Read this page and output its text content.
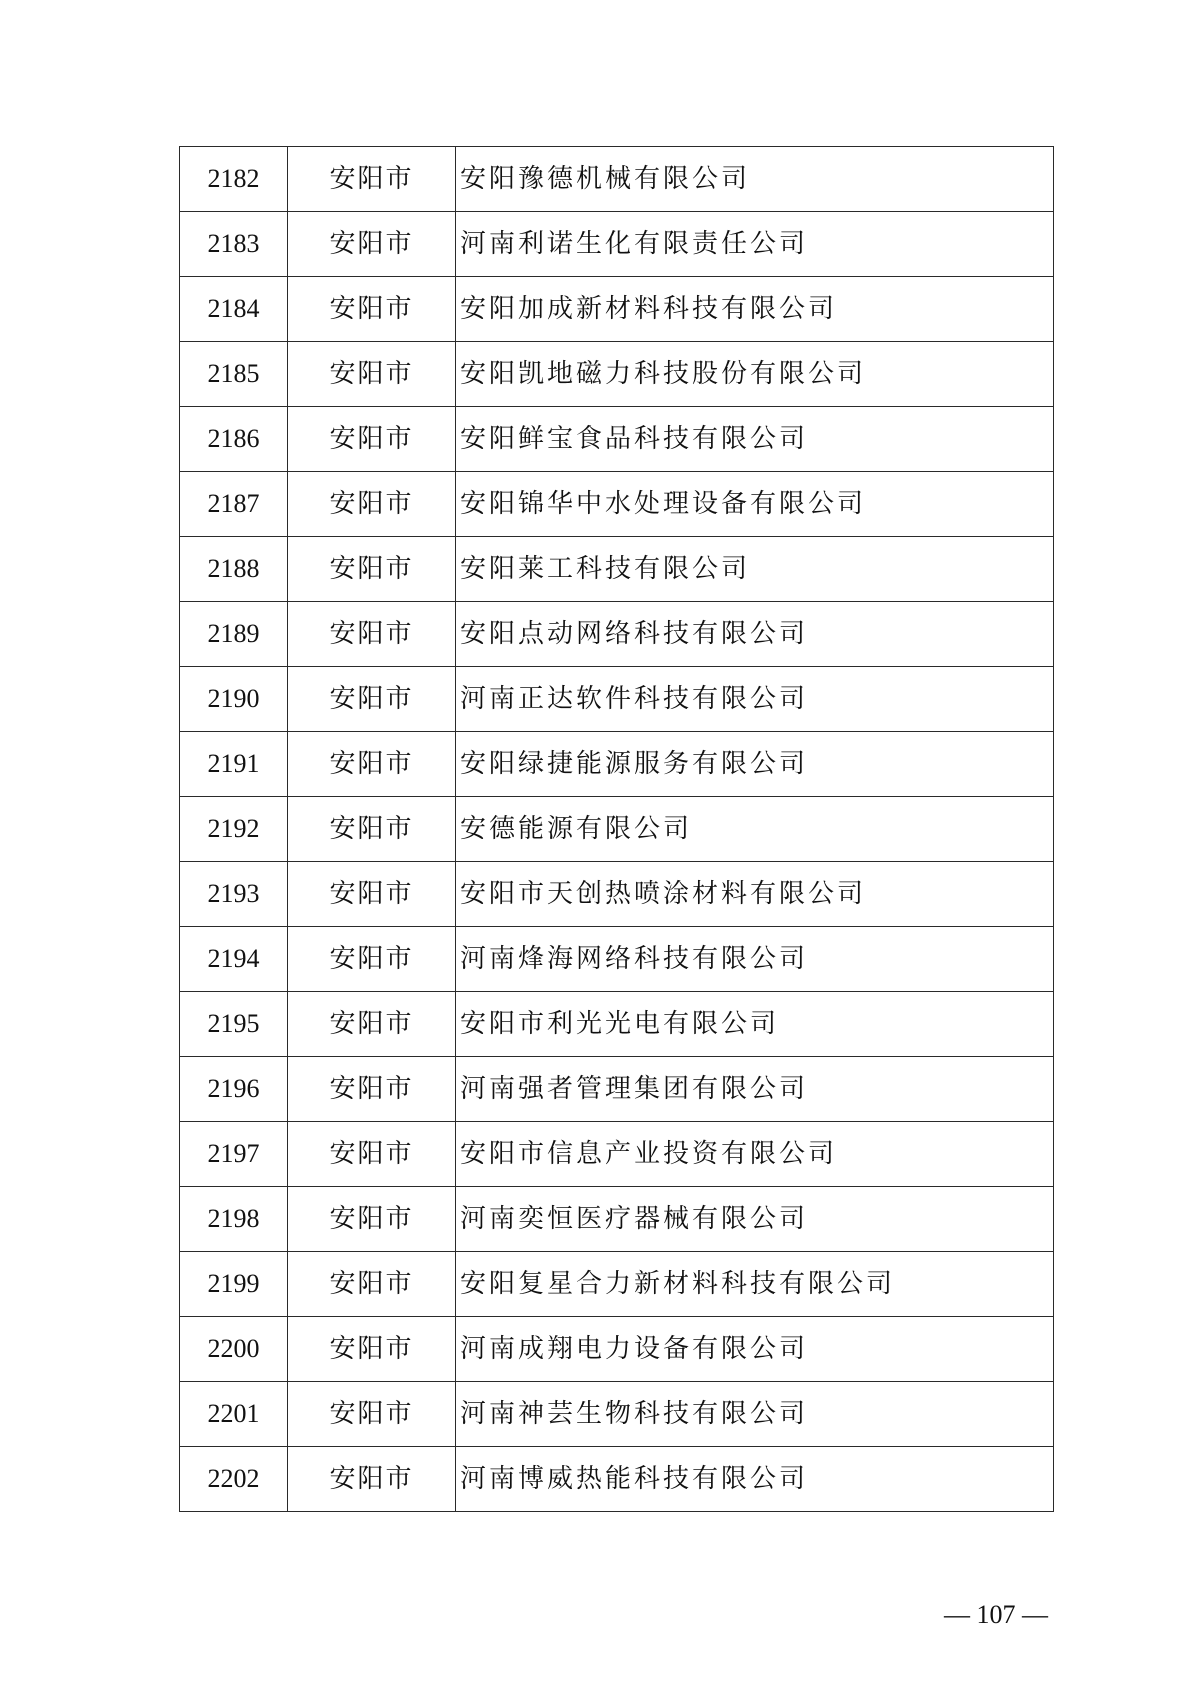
2182	安阳市	安阳豫德机械有限公司
2183	安阳市	河南利诺生化有限责任公司
2184	安阳市	安阳加成新材料科技有限公司
2185	安阳市	安阳凯地磁力科技股份有限公司
2186	安阳市	安阳鲜宝食品科技有限公司
2187	安阳市	安阳锦华中水处理设备有限公司
2188	安阳市	安阳莱工科技有限公司
2189	安阳市	安阳点动网络科技有限公司
2190	安阳市	河南正达软件科技有限公司
2191	安阳市	安阳绿捷能源服务有限公司
2192	安阳市	安德能源有限公司
2193	安阳市	安阳市天创热喷涂材料有限公司
2194	安阳市	河南烽海网络科技有限公司
2195	安阳市	安阳市利光光电有限公司
2196	安阳市	河南强者管理集团有限公司
2197	安阳市	安阳市信息产业投资有限公司
2198	安阳市	河南奕恒医疗器械有限公司
2199	安阳市	安阳复星合力新材料科技有限公司
2200	安阳市	河南成翔电力设备有限公司
2201	安阳市	河南神芸生物科技有限公司
2202	安阳市	河南博威热能科技有限公司
— 107 —
